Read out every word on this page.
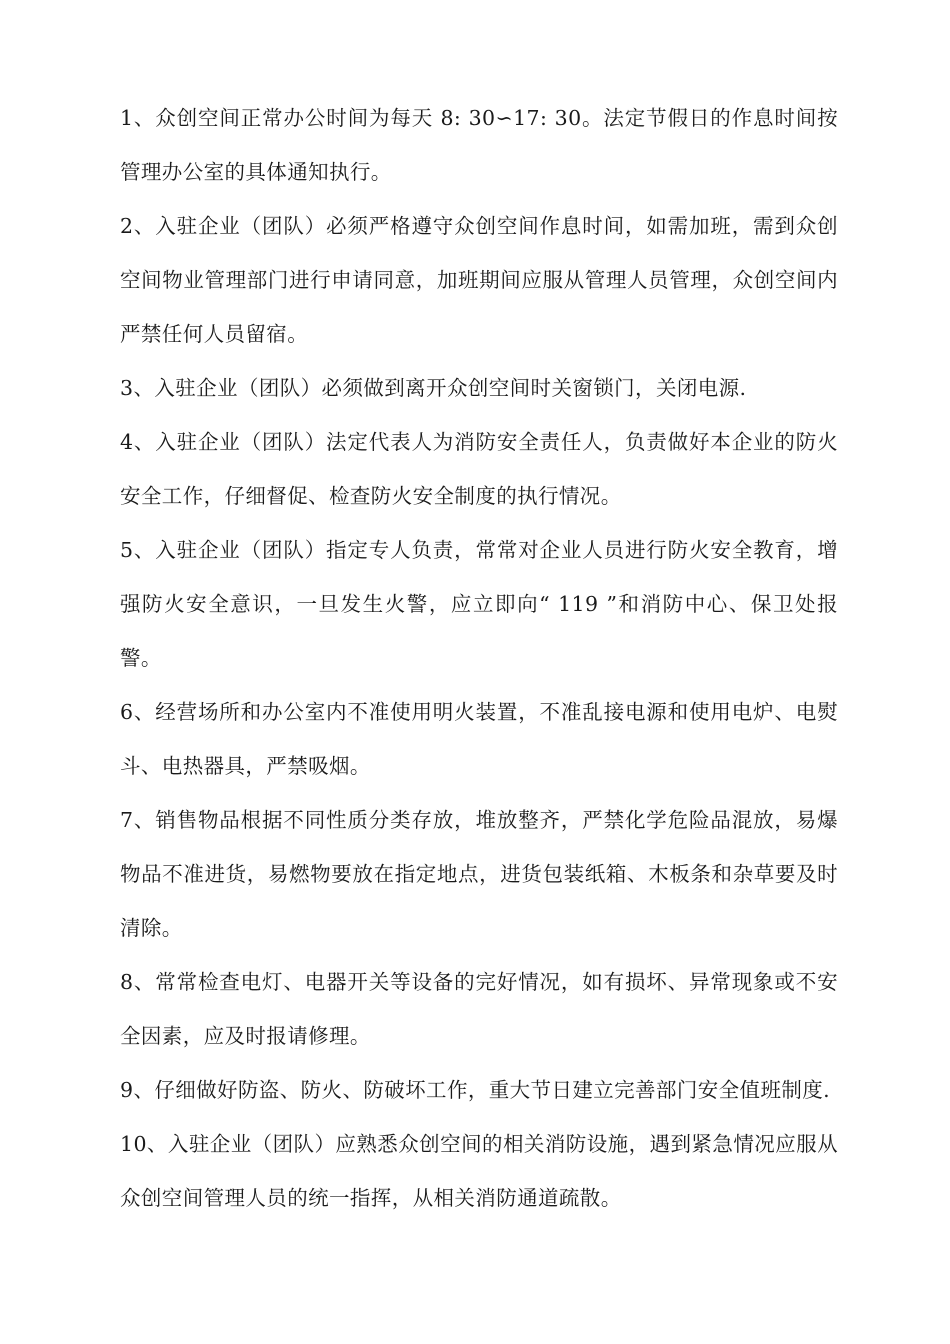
1、众创空间正常办公时间为每天 8: 30∽17: 30。法定节假日的作息时间按管理办公室的具体通知执行。

2、入驻企业（团队）必须严格遵守众创空间作息时间，如需加班，需到众创空间物业管理部门进行申请同意，加班期间应服从管理人员管理，众创空间内严禁任何人员留宿。

3、入驻企业（团队）必须做到离开众创空间时关窗锁门，关闭电源.

4、入驻企业（团队）法定代表人为消防安全责任人，负责做好本企业的防火安全工作，仔细督促、检查防火安全制度的执行情况。

5、入驻企业（团队）指定专人负责，常常对企业人员进行防火安全教育，增强防火安全意识，一旦发生火警，应立即向“ 119 ”和消防中心、保卫处报警。

6、经营场所和办公室内不准使用明火装置，不准乱接电源和使用电炉、电熨斗、电热器具，严禁吸烟。

7、销售物品根据不同性质分类存放，堆放整齐，严禁化学危险品混放，易爆物品不准进货，易燃物要放在指定地点，进货包装纸箱、木板条和杂草要及时清除。

8、常常检查电灯、电器开关等设备的完好情况，如有损坏、异常现象或不安全因素，应及时报请修理。

9、仔细做好防盗、防火、防破坏工作，重大节日建立完善部门安全值班制度.

10、入驻企业（团队）应熟悉众创空间的相关消防设施，遇到紧急情况应服从众创空间管理人员的统一指挥，从相关消防通道疏散。
